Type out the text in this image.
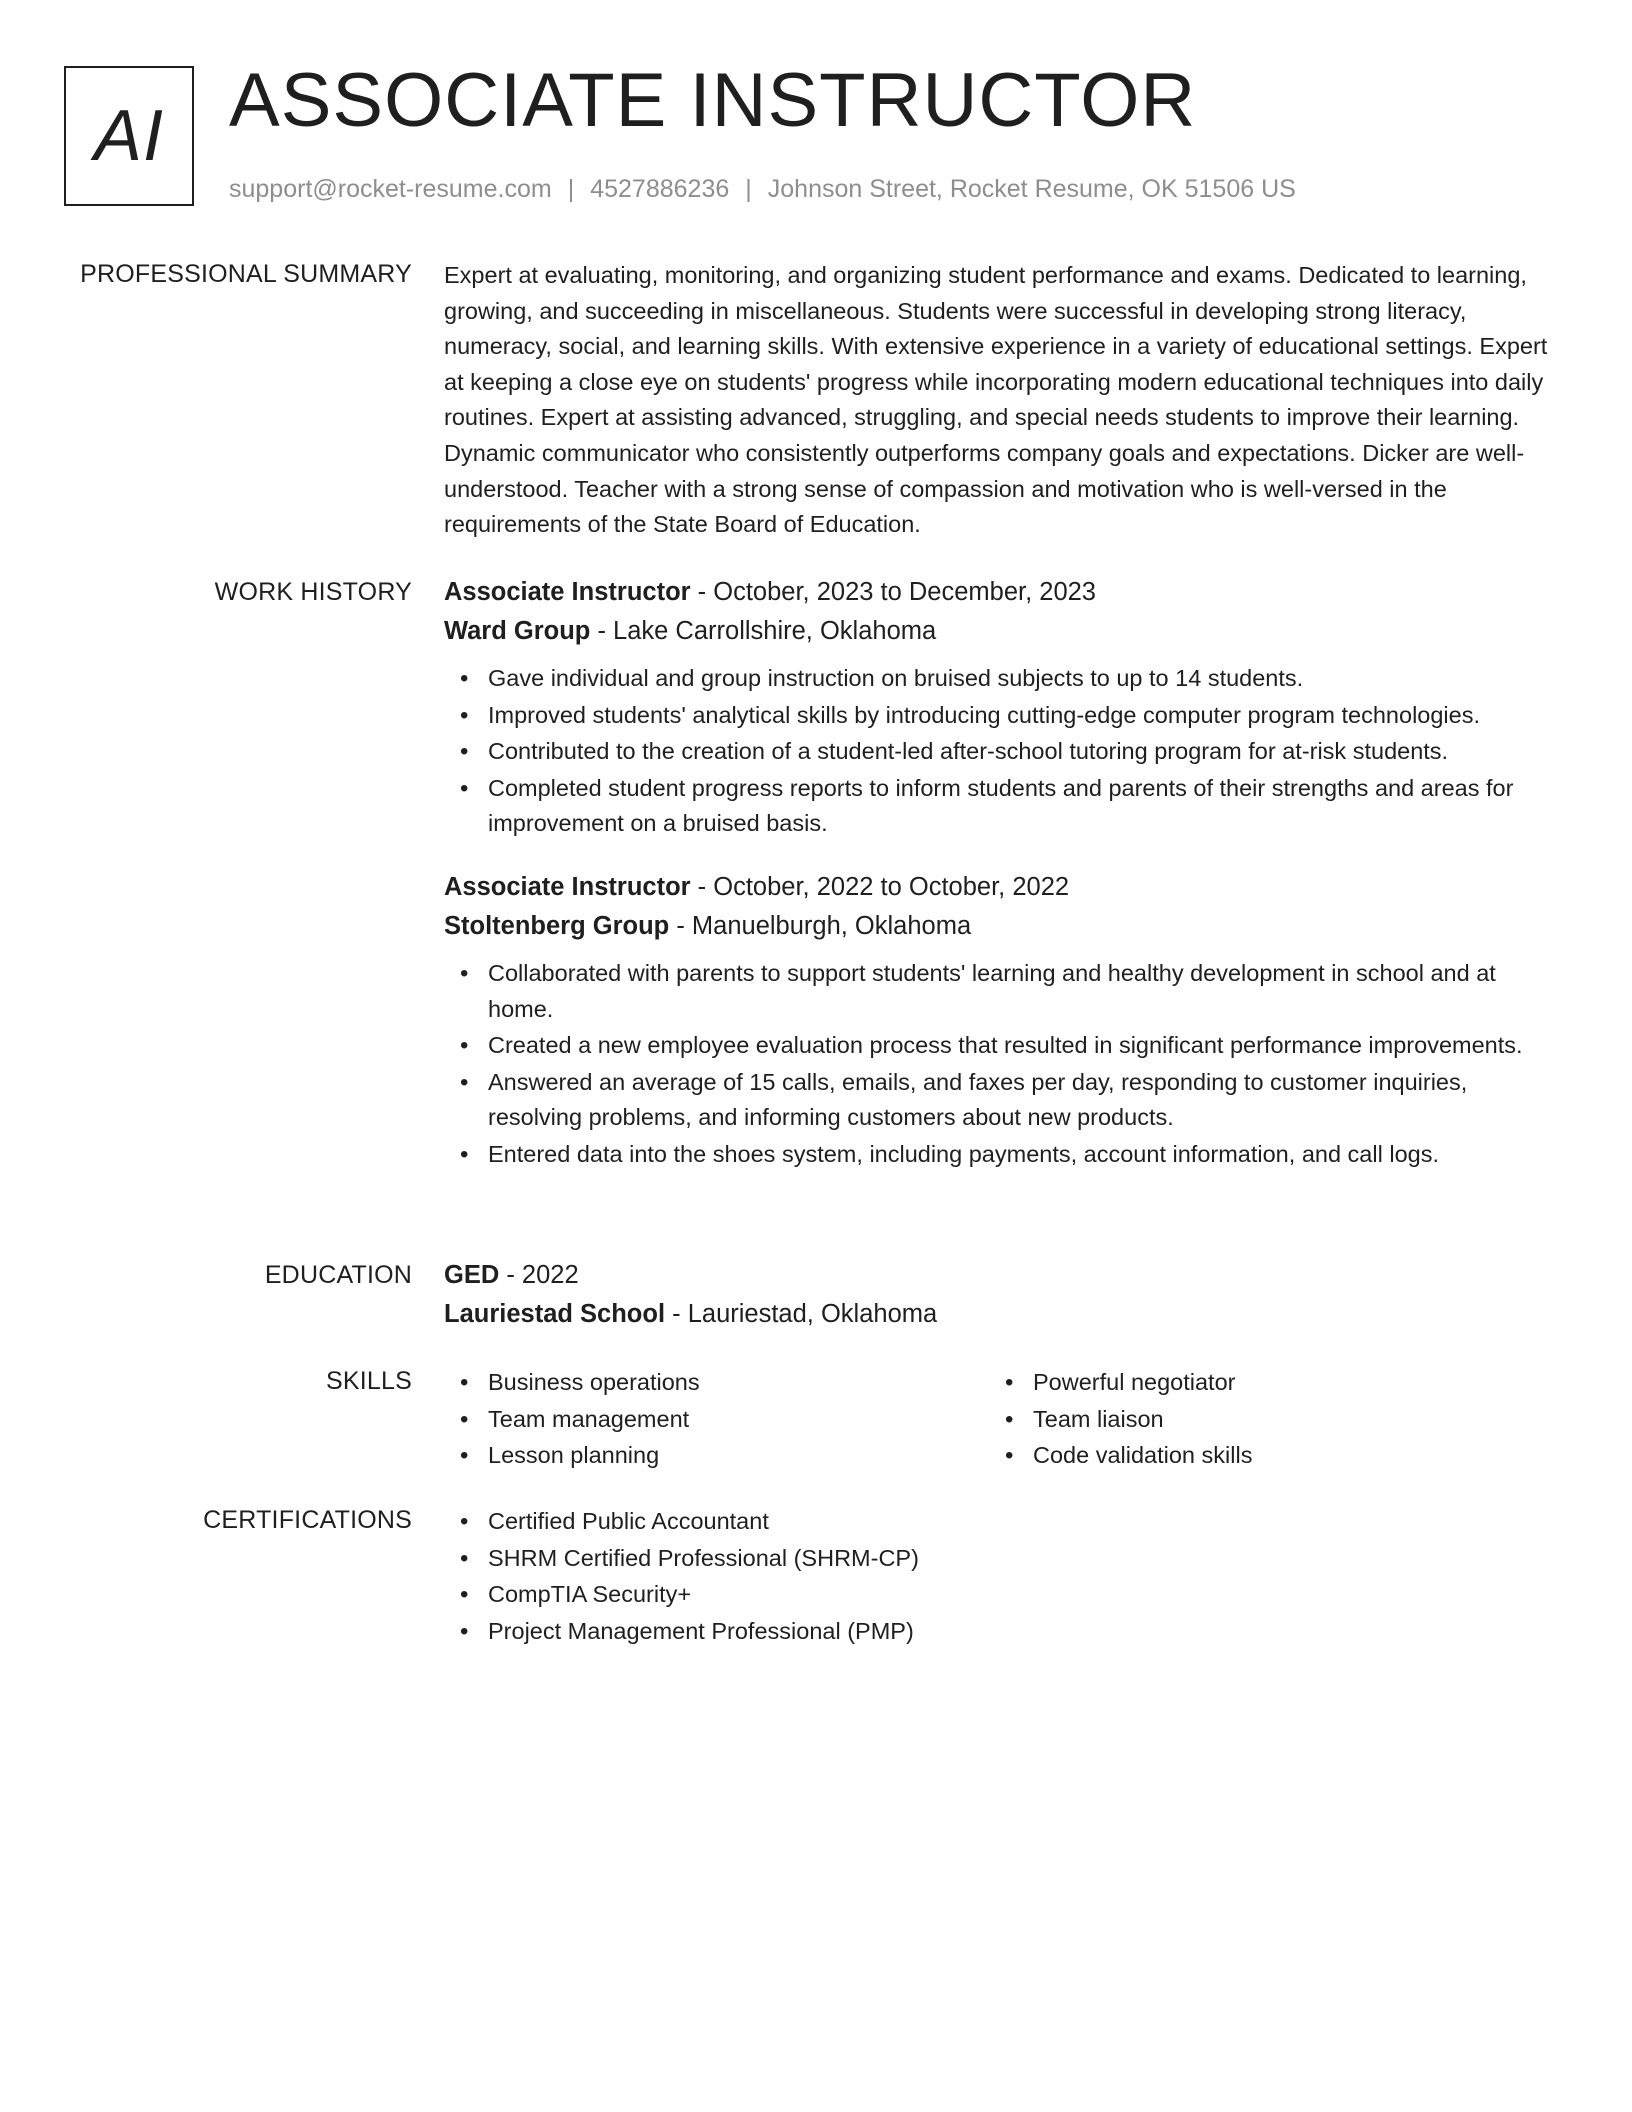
AI ASSOCIATE INSTRUCTOR
support@rocket-resume.com | 4527886236 | Johnson Street, Rocket Resume, OK 51506 US
PROFESSIONAL SUMMARY Expert at evaluating, monitoring, and organizing student performance and exams. Dedicated to learning, growing, and succeeding in miscellaneous. Students were successful in developing strong literacy, numeracy, social, and learning skills. With extensive experience in a variety of educational settings. Expert at keeping a close eye on students' progress while incorporating modern educational techniques into daily routines. Expert at assisting advanced, struggling, and special needs students to improve their learning. Dynamic communicator who consistently outperforms company goals and expectations. Dicker are well-understood. Teacher with a strong sense of compassion and motivation who is well-versed in the requirements of the State Board of Education.

WORK HISTORY Associate Instructor - October, 2023 to December, 2023
Ward Group - Lake Carrollshire, Oklahoma
• Gave individual and group instruction on bruised subjects to up to 14 students.
• Improved students' analytical skills by introducing cutting-edge computer program technologies.
• Contributed to the creation of a student-led after-school tutoring program for at-risk students.
• Completed student progress reports to inform students and parents of their strengths and areas for improvement on a bruised basis.
Associate Instructor - October, 2022 to October, 2022
Stoltenberg Group - Manuelburgh, Oklahoma
• Collaborated with parents to support students' learning and healthy development in school and at home.
• Created a new employee evaluation process that resulted in significant performance improvements.
• Answered an average of 15 calls, emails, and faxes per day, responding to customer inquiries, resolving problems, and informing customers about new products.
• Entered data into the shoes system, including payments, account information, and call logs.
EDUCATION GED - 2022
Lauriestad School - Lauriestad, Oklahoma
SKILLS	• Business operations
• Team management
• Lesson planning
• Powerful negotiator
• Team liaison
• Code validation skills
CERTIFICATIONS	• Certified Public Accountant
• SHRM Certified Professional (SHRM-CP)
• CompTIA Security+
• Project Management Professional (PMP)
